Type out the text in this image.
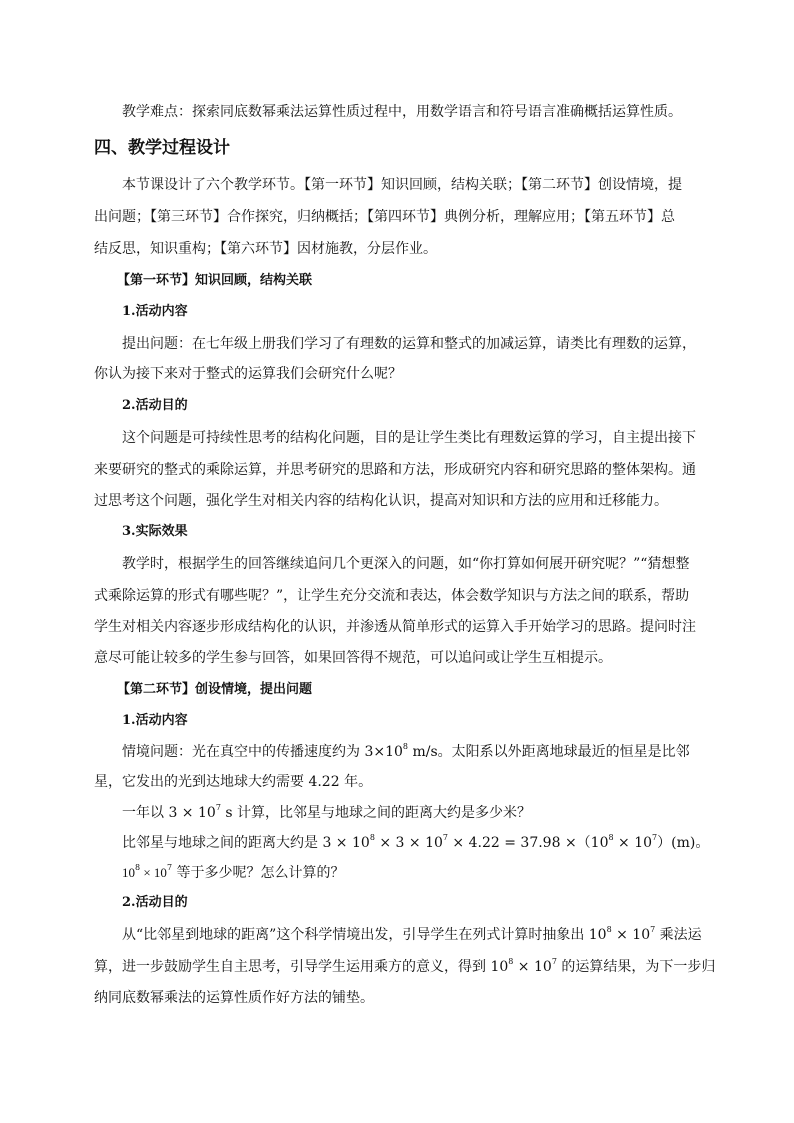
教学难点：探索同底数幂乘法运算性质过程中，用数学语言和符号语言准确概括运算性质。
四、教学过程设计
本节课设计了六个教学环节。【第一环节】知识回顾，结构关联；【第二环节】创设情境，提
出问题；【第三环节】合作探究，归纳概括；【第四环节】典例分析，理解应用；【第五环节】总
结反思，知识重构；【第六环节】因材施教，分层作业。
【第一环节】知识回顾，结构关联
1.活动内容
提出问题：在七年级上册我们学习了有理数的运算和整式的加减运算，请类比有理数的运算，
你认为接下来对于整式的运算我们会研究什么呢？
2.活动目的
这个问题是可持续性思考的结构化问题，目的是让学生类比有理数运算的学习，自主提出接下
来要研究的整式的乘除运算，并思考研究的思路和方法，形成研究内容和研究思路的整体架构。通
过思考这个问题，强化学生对相关内容的结构化认识，提高对知识和方法的应用和迁移能力。
3.实际效果
教学时，根据学生的回答继续追问几个更深入的问题，如“你打算如何展开研究呢？”“猜想整
式乘除运算的形式有哪些呢？”，让学生充分交流和表达，体会数学知识与方法之间的联系，帮助
学生对相关内容逐步形成结构化的认识，并渗透从简单形式的运算入手开始学习的思路。提问时注
意尽可能让较多的学生参与回答，如果回答得不规范，可以追问或让学生互相提示。
【第二环节】创设情境，提出问题
1.活动内容
情境问题：光在真空中的传播速度约为 $3\times 10^8$ m/s。太阳系以外距离地球最近的恒星是比邻
星，它发出的光到达地球大约需要 4.22 年。
一年以 $3 \times 10^7$ s 计算，比邻星与地球之间的距离大约是多少米？
比邻星与地球之间的距离大约是 $3 \times 10^8 \times 3 \times 10^7 \times 4.22 = 37.98 \times(10^8 \times 10^7)(m)$。
$10^8 \times 10^7$ 等于多少呢？怎么计算的？
2.活动目的
从“比邻星到地球的距离”这个科学情境出发，引导学生在列式计算时抽象出 $10^8 \times 10^7$ 乘法运
算，进一步鼓励学生自主思考，引导学生运用乘方的意义，得到 $10^8 \times 10^7$ 的运算结果，为下一步归
纳同底数幂乘法的运算性质作好方法的铺垫。
